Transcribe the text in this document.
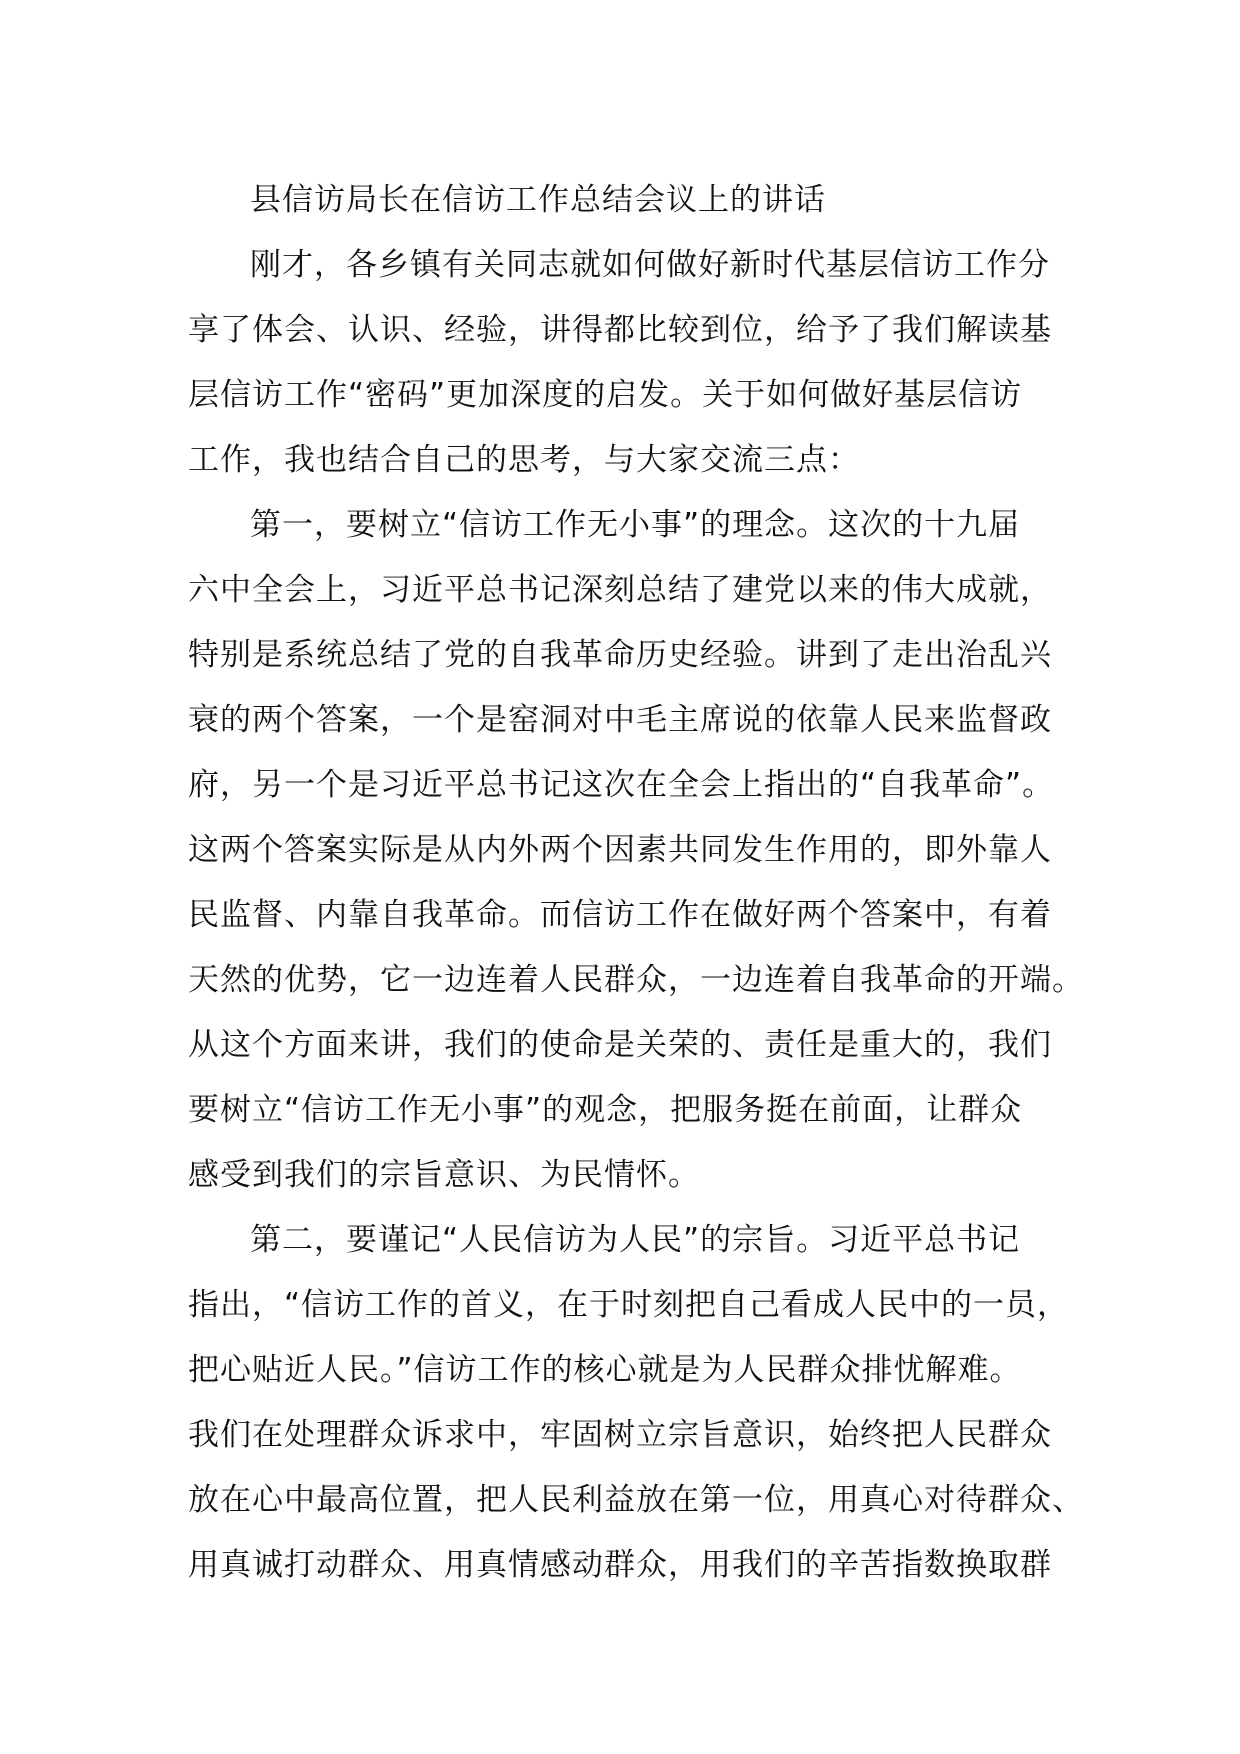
县信访局长在信访工作总结会议上的讲话
刚才，各乡镇有关同志就如何做好新时代基层信访工作分
享了体会、认识、经验，讲得都比较到位，给予了我们解读基
层信访工作“密码”更加深度的启发。关于如何做好基层信访
工作，我也结合自己的思考，与大家交流三点：
第一，要树立“信访工作无小事”的理念。这次的十九届
六中全会上，习近平总书记深刻总结了建党以来的伟大成就，
特别是系统总结了党的自我革命历史经验。讲到了走出治乱兴
衰的两个答案，一个是窑洞对中毛主席说的依靠人民来监督政
府，另一个是习近平总书记这次在全会上指出的“自我革命”。
这两个答案实际是从内外两个因素共同发生作用的，即外靠人
民监督、内靠自我革命。而信访工作在做好两个答案中，有着
天然的优势，它一边连着人民群众，一边连着自我革命的开端。
从这个方面来讲，我们的使命是关荣的、责任是重大的，我们
要树立“信访工作无小事”的观念，把服务挺在前面，让群众
感受到我们的宗旨意识、为民情怀。
第二，要谨记“人民信访为人民”的宗旨。习近平总书记
指出，“信访工作的首义，在于时刻把自己看成人民中的一员，
把心贴近人民。”信访工作的核心就是为人民群众排忧解难。
我们在处理群众诉求中，牢固树立宗旨意识，始终把人民群众
放在心中最高位置，把人民利益放在第一位，用真心对待群众、
用真诚打动群众、用真情感动群众，用我们的辛苦指数换取群
